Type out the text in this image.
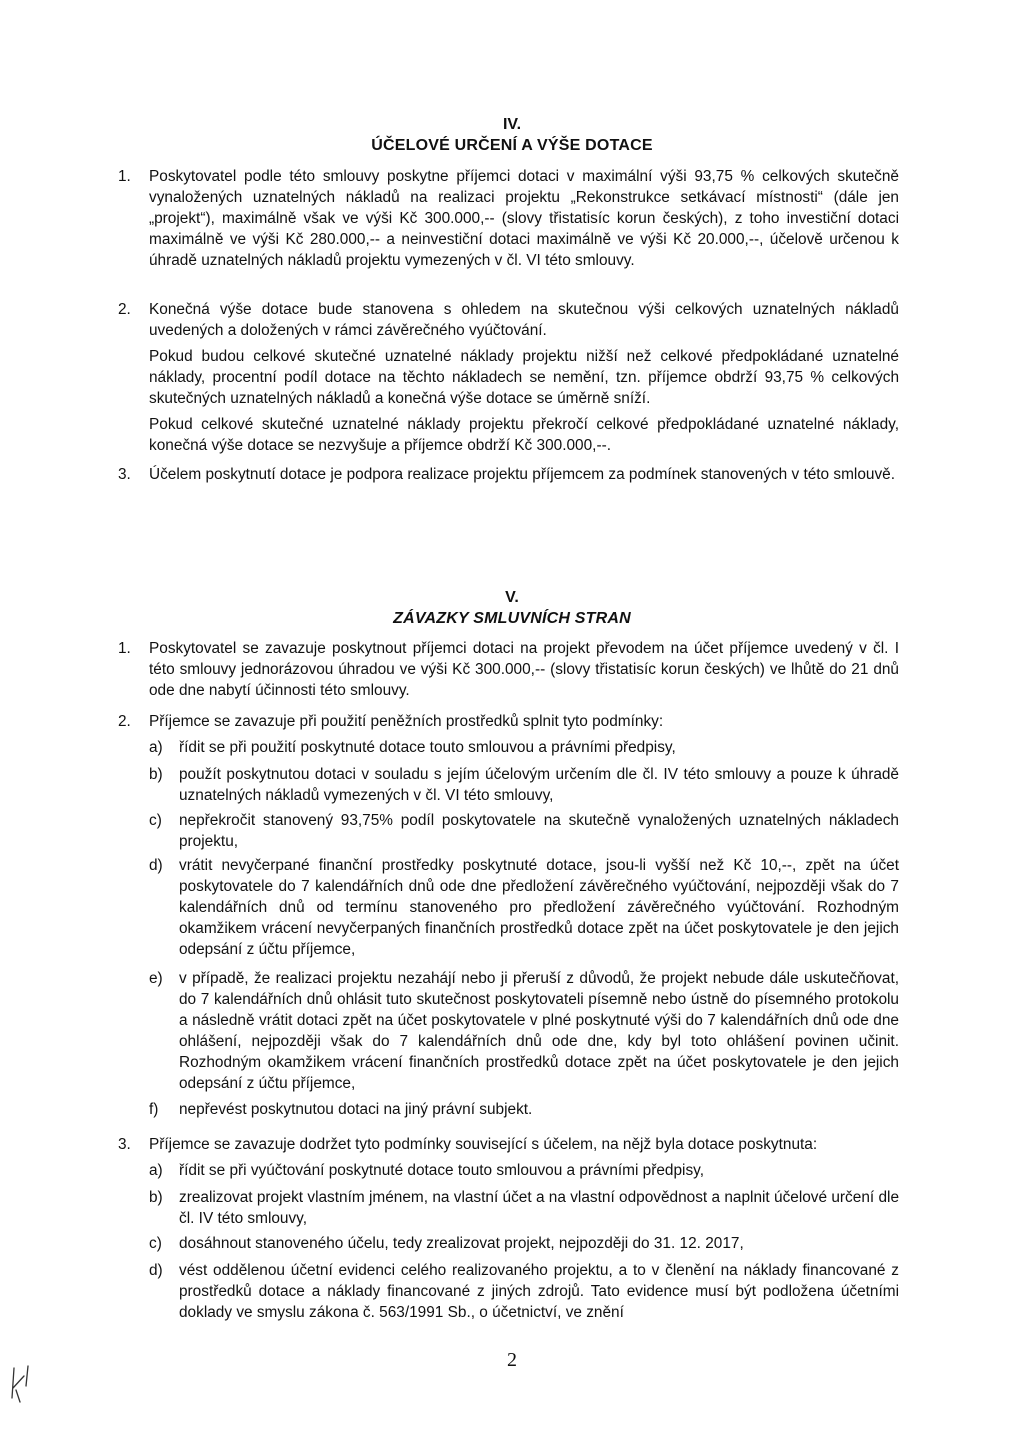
IV.
ÚČELOVÉ URČENÍ A VÝŠE DOTACE
1. Poskytovatel podle této smlouvy poskytne příjemci dotaci v maximální výši 93,75 % celkových skutečně vynaložených uznatelných nákladů na realizaci projektu „Rekonstrukce setkávací místnosti“ (dále jen „projekt“), maximálně však ve výši Kč 300.000,-- (slovy třistatisíc korun českých), z toho investiční dotaci maximálně ve výši Kč 280.000,-- a neinvestiční dotaci maximálně ve výši Kč 20.000,--, účelově určenou k úhradě uznatelných nákladů projektu vymezených v čl. VI této smlouvy.
2. Konečná výše dotace bude stanovena s ohledem na skutečnou výši celkových uznatelných nákladů uvedených a doložených v rámci závěrečného vyúčtování.
Pokud budou celkové skutečné uznatelné náklady projektu nižší než celkové předpokládané uznatelné náklady, procentní podíl dotace na těchto nákladech se nemění, tzn. příjemce obdrží 93,75 % celkových skutečných uznatelných nákladů a konečná výše dotace se úměrně sníží.
Pokud celkové skutečné uznatelné náklady projektu překročí celkové předpokládané uznatelné náklady, konečná výše dotace se nezvyšuje a příjemce obdrží Kč 300.000,--.
3. Účelem poskytnutí dotace je podpora realizace projektu příjemcem za podmínek stanovených v této smlouvě.
V.
ZÁVAZKY SMLUVNÍCH STRAN
1. Poskytovatel se zavazuje poskytnout příjemci dotaci na projekt převodem na účet příjemce uvedený v čl. I této smlouvy jednorázovou úhradou ve výši Kč 300.000,-- (slovy třistatisíc korun českých) ve lhůtě do 21 dnů ode dne nabytí účinnosti této smlouvy.
2. Příjemce se zavazuje při použití peněžních prostředků splnit tyto podmínky:
a) řídit se při použití poskytnuté dotace touto smlouvou a právními předpisy,
b) použít poskytnutou dotaci v souladu s jejím účelovým určením dle čl. IV této smlouvy a pouze k úhradě uznatelných nákladů vymezených v čl. VI této smlouvy,
c) nepřekročit stanovený 93,75% podíl poskytovatele na skutečně vynaložených uznatelných nákladech projektu,
d) vrátit nevyčerpané finanční prostředky poskytnuté dotace, jsou-li vyšší než Kč 10,--, zpět na účet poskytovatele do 7 kalendářních dnů ode dne předložení závěrečného vyúčtování, nejpozději však do 7 kalendářních dnů od termínu stanoveného pro předložení závěrečného vyúčtování. Rozhodným okamžikem vrácení nevyčerpaných finančních prostředků dotace zpět na účet poskytovatele je den jejich odepsání z účtu příjemce,
e) v případě, že realizaci projektu nezahájí nebo ji přeruší z důvodů, že projekt nebude dále uskutečňovat, do 7 kalendářních dnů ohlásit tuto skutečnost poskytovateli písemně nebo ústně do písemného protokolu a následně vrátit dotaci zpět na účet poskytovatele v plné poskytnuté výši do 7 kalendářních dnů ode dne ohlášení, nejpozději však do 7 kalendářních dnů ode dne, kdy byl toto ohlášení povinen učinit. Rozhodným okamžikem vrácení finančních prostředků dotace zpět na účet poskytovatele je den jejich odepsání z účtu příjemce,
f) nepřevést poskytnutou dotaci na jiný právní subjekt.
3. Příjemce se zavazuje dodržet tyto podmínky související s účelem, na nějž byla dotace poskytnuta:
a) řídit se při vyúčtování poskytnuté dotace touto smlouvou a právními předpisy,
b) zrealizovat projekt vlastním jménem, na vlastní účet a na vlastní odpovědnost a naplnit účelové určení dle čl. IV této smlouvy,
c) dosáhnout stanoveného účelu, tedy zrealizovat projekt, nejpozději do 31. 12. 2017,
d) vést oddělenou účetní evidenci celého realizovaného projektu, a to v členění na náklady financované z prostředků dotace a náklady financované z jiných zdrojů. Tato evidence musí být podložena účetními doklady ve smyslu zákona č. 563/1991 Sb., o účetnictví, ve znění
2
